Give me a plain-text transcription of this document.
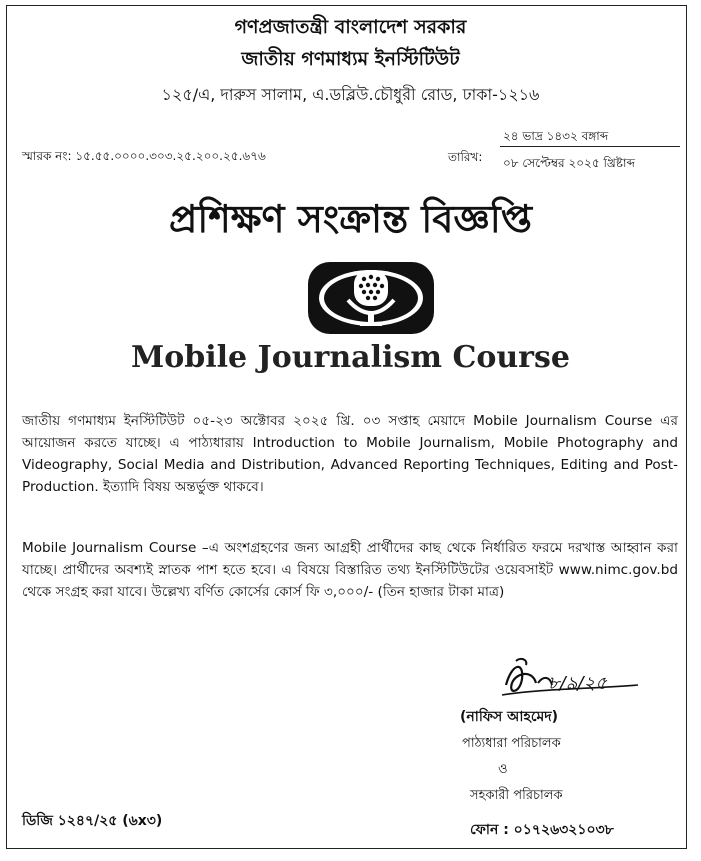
গণপ্রজাতন্ত্রী বাংলাদেশ সরকার
জাতীয় গণমাধ্যম ইনস্টিটিউট
১২৫/এ, দারুস সালাম, এ.ডব্লিউ.চৌধুরী রোড, ঢাকা-১২১৬
স্মারক নং: ১৫.৫৫.০০০০.৩০৩.২৫.২০০.২৫.৬৭৬	তারিখ:
২৪ ভাদ্র ১৪৩২ বঙ্গাব্দ
০৮ সেপ্টেম্বর ২০২৫ খ্রিষ্টাব্দ
প্রশিক্ষণ সংক্রান্ত বিজ্ঞপ্তি
Mobile Journalism Course
জাতীয় গণমাধ্যম ইনস্টিটিউট ০৫-২৩ অক্টোবর ২০২৫ খ্রি. ০৩ সপ্তাহ মেয়াদে Mobile Journalism Course এর আয়োজন করতে যাচ্ছে। এ পাঠ্যধারায় Introduction to Mobile Journalism, Mobile Photography and Videography, Social Media and Distribution, Advanced Reporting Techniques, Editing and Post-Production. ইত্যাদি বিষয় অন্তর্ভুক্ত থাকবে।
Mobile Journalism Course –এ অংশগ্রহণের জন্য আগ্রহী প্রার্থীদের কাছ থেকে নির্ধারিত ফরমে দরখাস্ত আহ্বান করা যাচ্ছে। প্রার্থীদের অবশ্যই স্নাতক পাশ হতে হবে। এ বিষয়ে বিস্তারিত তথ্য ইনস্টিটিউটের ওয়েবসাইট www.nimc.gov.bd থেকে সংগ্রহ করা যাবে। উল্লেখ্য বর্ণিত কোর্সের কোর্স ফি ৩,০০০/- (তিন হাজার টাকা মাত্র)
৮/৯/২৫
(নাফিস আহমেদ)
পাঠ্যধারা পরিচালক
ও
সহকারী পরিচালক
ফোন : ০১৭২৬৩২১০৩৮
ডিজি ১২৪৭/২৫ (৬x৩)
